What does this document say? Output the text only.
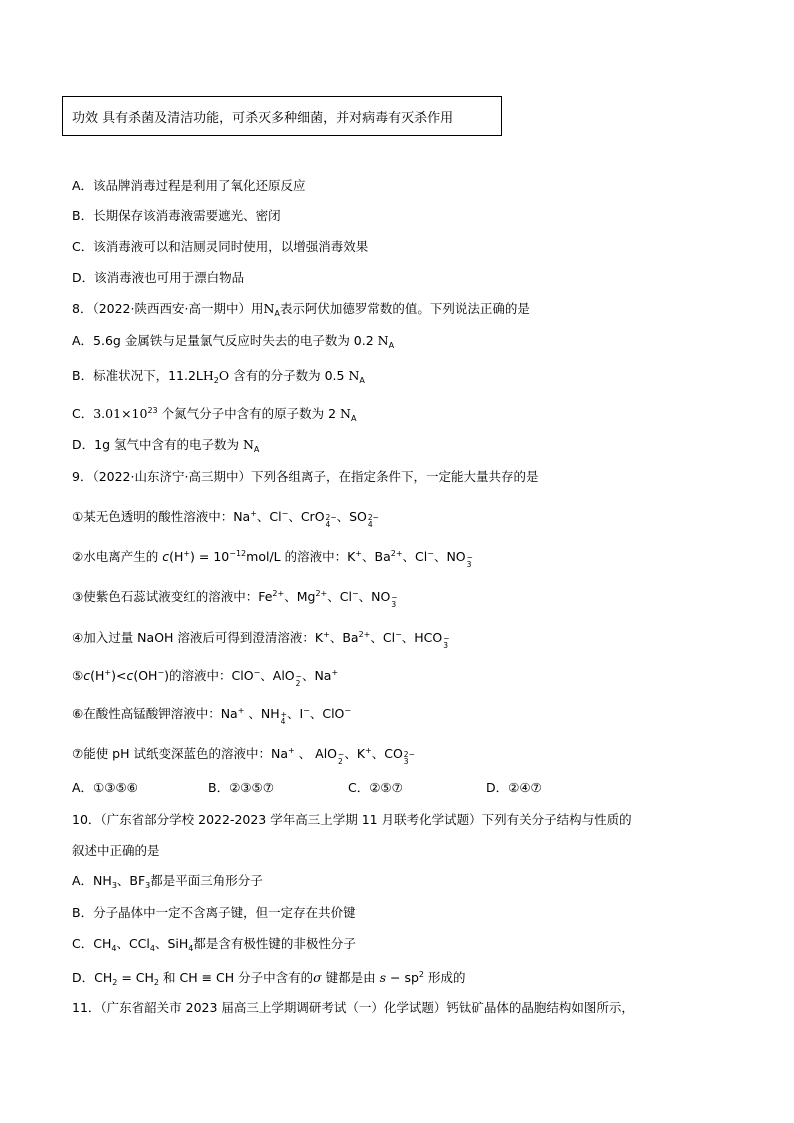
功效 具有杀菌及清洁功能，可杀灭多种细菌，并对病毒有灭杀作用
A．该品牌消毒过程是利用了氧化还原反应
B．长期保存该消毒液需要遮光、密闭
C．该消毒液可以和洁厕灵同时使用，以增强消毒效果
D．该消毒液也可用于漂白物品
8．（2022·陕西西安·高一期中）用$N_A$表示阿伏加德罗常数的值。下列说法正确的是
A．5.6g 金属铁与足量氯气反应时失去的电子数为 0.2 $N_A$
B．标准状况下，$11.2LH_2O$ 含有的分子数为 0.5 $N_A$
C．$3.01\times 10^{23}$ 个氮气分子中含有的原子数为 2 $N_A$
D．1g 氢气中含有的电子数为 $N_A$
9．（2022·山东济宁·高三期中）下列各组离子，在指定条件下，一定能大量共存的是
①某无色透明的酸性溶液中：Na+、Cl−、CrO 2−
4
、SO 2−
4
②水电离产生的 $c(H^+) = 10^{-12}mol/L$ 的溶液中：K+、$Ba^{2+}$、Cl−、NO −
3
③使紫色石蕊试液变红的溶液中：$Fe^{2+}$、$Mg^{2+}$、Cl−、NO −
3
④加入过量 NaOH 溶液后可得到澄清溶液：K+、$Ba^{2+}$、Cl−、HCO −
3
⑤c(H+)<c(OH−)的溶液中：ClO−、AlO −
2
、Na+
⑥在酸性高锰酸钾溶液中：Na+ 、NH +
4
、I−、ClO−
⑦能使 pH 试纸变深蓝色的溶液中：Na+ 、 AlO −
2
、K+、CO 2−
3
A．①③⑤⑥	B．②③⑤⑦	C．②⑤⑦	D．②④⑦
10．（广东省部分学校 2022-2023 学年高三上学期 11 月联考化学试题）下列有关分子结构与性质的
叙述中正确的是
A．$NH_3$、$BF_3$都是平面三角形分子
B．分子晶体中一定不含离子键，但一定存在共价键
C．$CH_4$、CCl$_4$、SiH$_4$都是含有极性键的非极性分子
D．$CH_2 = CH_2$ 和 CH ≡ CH 分子中含有的σ 键都是由 $s - sp^2$ 形成的
11．（广东省韶关市 2023 届高三上学期调研考试（一）化学试题）钙钛矿晶体的晶胞结构如图所示，
